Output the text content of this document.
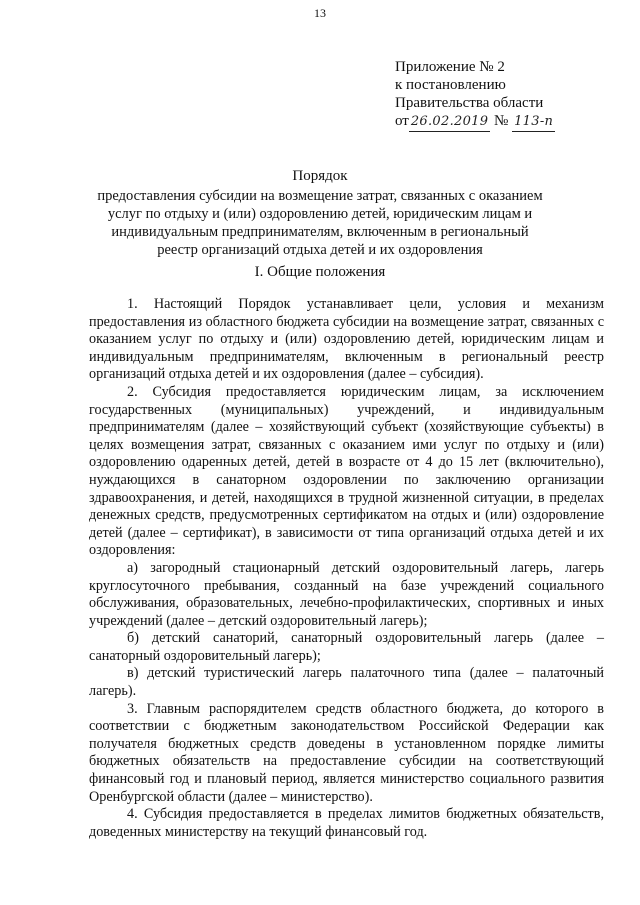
13
Приложение № 2
к постановлению
Правительства области
от 26.02.2019 № 113-п
Порядок
предоставления субсидии на возмещение затрат, связанных с оказанием
услуг по отдыху и (или) оздоровлению детей, юридическим лицам и
индивидуальным предпринимателям, включенным в региональный
реестр организаций отдыха детей и их оздоровления
I. Общие положения

1. Настоящий Порядок устанавливает цели, условия и механизм предоставления из областного бюджета субсидии на возмещение затрат, связанных с оказанием услуг по отдыху и (или) оздоровлению детей, юридическим лицам и индивидуальным предпринимателям, включенным в региональный реестр организаций отдыха детей и их оздоровления (далее – субсидия).

2. Субсидия предоставляется юридическим лицам, за исключением государственных (муниципальных) учреждений, и индивидуальным предпринимателям (далее – хозяйствующий субъект (хозяйствующие субъекты) в целях возмещения затрат, связанных с оказанием ими услуг по отдыху и (или) оздоровлению одаренных детей, детей в возрасте от 4 до 15 лет (включительно), нуждающихся в санаторном оздоровлении по заключению организации здравоохранения, и детей, находящихся в трудной жизненной ситуации, в пределах денежных средств, предусмотренных сертификатом на отдых и (или) оздоровление детей (далее – сертификат), в зависимости от типа организаций отдыха детей и их оздоровления:

а) загородный стационарный детский оздоровительный лагерь, лагерь круглосуточного пребывания, созданный на базе учреждений социального обслуживания, образовательных, лечебно-профилактических, спортивных и иных учреждений (далее – детский оздоровительный лагерь);

б) детский санаторий, санаторный оздоровительный лагерь (далее – санаторный оздоровительный лагерь);

в) детский туристический лагерь палаточного типа (далее – палаточный лагерь).

3. Главным распорядителем средств областного бюджета, до которого в соответствии с бюджетным законодательством Российской Федерации как получателя бюджетных средств доведены в установленном порядке лимиты бюджетных обязательств на предоставление субсидии на соответствующий финансовый год и плановый период, является министерство социального развития Оренбургской области (далее – министерство).

4. Субсидия предоставляется в пределах лимитов бюджетных обязательств, доведенных министерству на текущий финансовый год.
